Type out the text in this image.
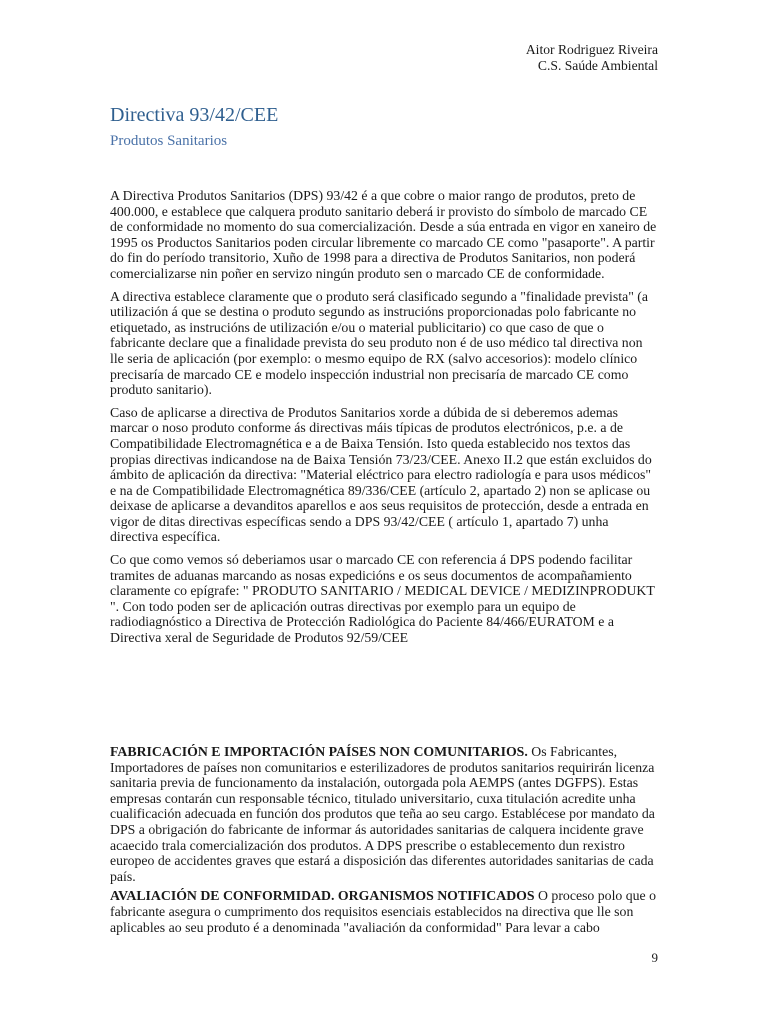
Aitor Rodriguez Riveira
C.S. Saúde Ambiental
Directiva 93/42/CEE
Produtos Sanitarios

A Directiva Produtos Sanitarios (DPS) 93/42 é a que cobre o maior rango de produtos, preto de 400.000, e establece que calquera produto sanitario deberá ir provisto do símbolo de marcado CE de conformidade no momento do sua comercialización. Desde a súa entrada en vigor en xaneiro de 1995 os Productos Sanitarios poden circular libremente co marcado CE como "pasaporte". A partir do fin do período transitorio, Xuño de 1998 para a directiva de Produtos Sanitarios, non poderá comercializarse nin poñer en servizo ningún produto sen o marcado CE de conformidade.

A directiva establece claramente que o produto será clasificado segundo a "finalidade prevista" (a utilización á que se destina o produto segundo as instrucións proporcionadas polo fabricante no etiquetado, as instrucións de utilización e/ou o material publicitario) co que caso de que o fabricante declare que a finalidade prevista do seu produto non é de uso médico tal directiva non lle seria de aplicación (por exemplo: o mesmo equipo de RX (salvo accesorios): modelo clínico precisaría de marcado CE e modelo inspección industrial non precisaría de marcado CE como produto sanitario).

Caso de aplicarse a directiva de Produtos Sanitarios xorde a dúbida de si deberemos ademas marcar o noso produto conforme ás directivas máis típicas de produtos electrónicos, p.e. a de Compatibilidade Electromagnética e a de Baixa Tensión. Isto queda establecido nos textos das propias directivas indicandose na de Baixa Tensión 73/23/CEE. Anexo II.2 que están excluidos do ámbito de aplicación da directiva: "Material eléctrico para electro radiología e para usos médicos" e na de Compatibilidade Electromagnética 89/336/CEE (artículo 2, apartado 2) non se aplicase ou deixase de aplicarse a devanditos aparellos e aos seus requisitos de protección, desde a entrada en vigor de ditas directivas específicas sendo a DPS 93/42/CEE ( artículo 1, apartado 7) unha directiva específica.

Co que como vemos só deberiamos usar o marcado CE con referencia á DPS podendo facilitar tramites de aduanas marcando as nosas expedicións e os seus documentos de acompañamiento claramente co epígrafe: " PRODUTO SANITARIO / MEDICAL DEVICE / MEDIZINPRODUKT ". Con todo poden ser de aplicación outras directivas por exemplo para un equipo de radiodiagnóstico a Directiva de Protección Radiológica do Paciente 84/466/EURATOM e a Directiva xeral de Seguridade de Produtos 92/59/CEE

FABRICACIÓN E IMPORTACIÓN PAÍSES NON COMUNITARIOS. Os Fabricantes, Importadores de países non comunitarios e esterilizadores de produtos sanitarios requirirán licenza sanitaria previa de funcionamento da instalación, outorgada pola AEMPS (antes DGFPS). Estas empresas contarán cun responsable técnico, titulado universitario, cuxa titulación acredite unha cualificación adecuada en función dos produtos que teña ao seu cargo. Establécese por mandato da DPS a obrigación do fabricante de informar ás autoridades sanitarias de calquera incidente grave acaecido trala comercialización dos produtos. A DPS prescribe o establecemento dun rexistro europeo de accidentes graves que estará a disposición das diferentes autoridades sanitarias de cada país.

AVALIACIÓN DE CONFORMIDAD. ORGANISMOS NOTIFICADOS O proceso polo que o fabricante asegura o cumprimento dos requisitos esenciais establecidos na directiva que lle son aplicables ao seu produto é a denominada "avaliación da conformidad" Para levar a cabo

9
